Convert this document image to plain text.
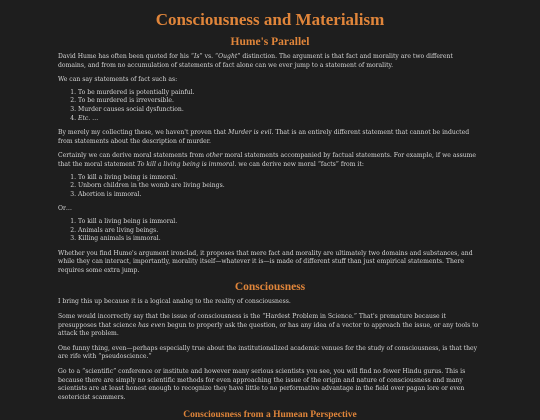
Consciousness and Materialism
Hume's Parallel

David Hume has often been quoted for his “Is” vs. “Ought” distinction. The argument is that fact and morality are two different domains, and from no accumulation of statements of fact alone can we ever jump to a statement of morality.

We can say statements of fact such as:

1. To be murdered is potentially painful.
2. To be murdered is irreversible.
3. Murder causes social dysfunction.
4. Etc. …

By merely my collecting these, we haven't proven that Murder is evil. That is an entirely different statement that cannot be inducted from statements about the description of murder.

Certainly we can derive moral statements from other moral statements accompanied by factual statements. For example, if we assume that the moral statement To kill a living being is immoral. we can derive new moral “facts” from it:

1. To kill a living being is immoral.
2. Unborn children in the womb are living beings.
3. Abortion is immoral.

Or…

1. To kill a living being is immoral.
2. Animals are living beings.
3. Killing animals is immoral.

Whether you find Hume's argument ironclad, it proposes that mere fact and morality are ultimately two domains and substances, and while they can interact, importantly, morality itself—whatever it is—is made of different stuff than just empirical statements. There requires some extra jump.

Consciousness

I bring this up because it is a logical analog to the reality of consciousness.

Some would incorrectly say that the issue of consciousness is the “Hardest Problem in Science.” That's premature because it presupposes that science has even begun to properly ask the question, or has any idea of a vector to approach the issue, or any tools to attack the problem.

One funny thing, even—perhaps especially true about the institutionalized academic venues for the study of consciousness, is that they are rife with “pseudoscience.”

Go to a “scientific” conference or institute and however many serious scientists you see, you will find no fewer Hindu gurus. This is because there are simply no scientific methods for even approaching the issue of the origin and nature of consciousness and many scientists are at least honest enough to recognize they have little to no performative advantage in the field over pagan lore or even esotericist scammers.

Consciousness from a Humean Perspective
